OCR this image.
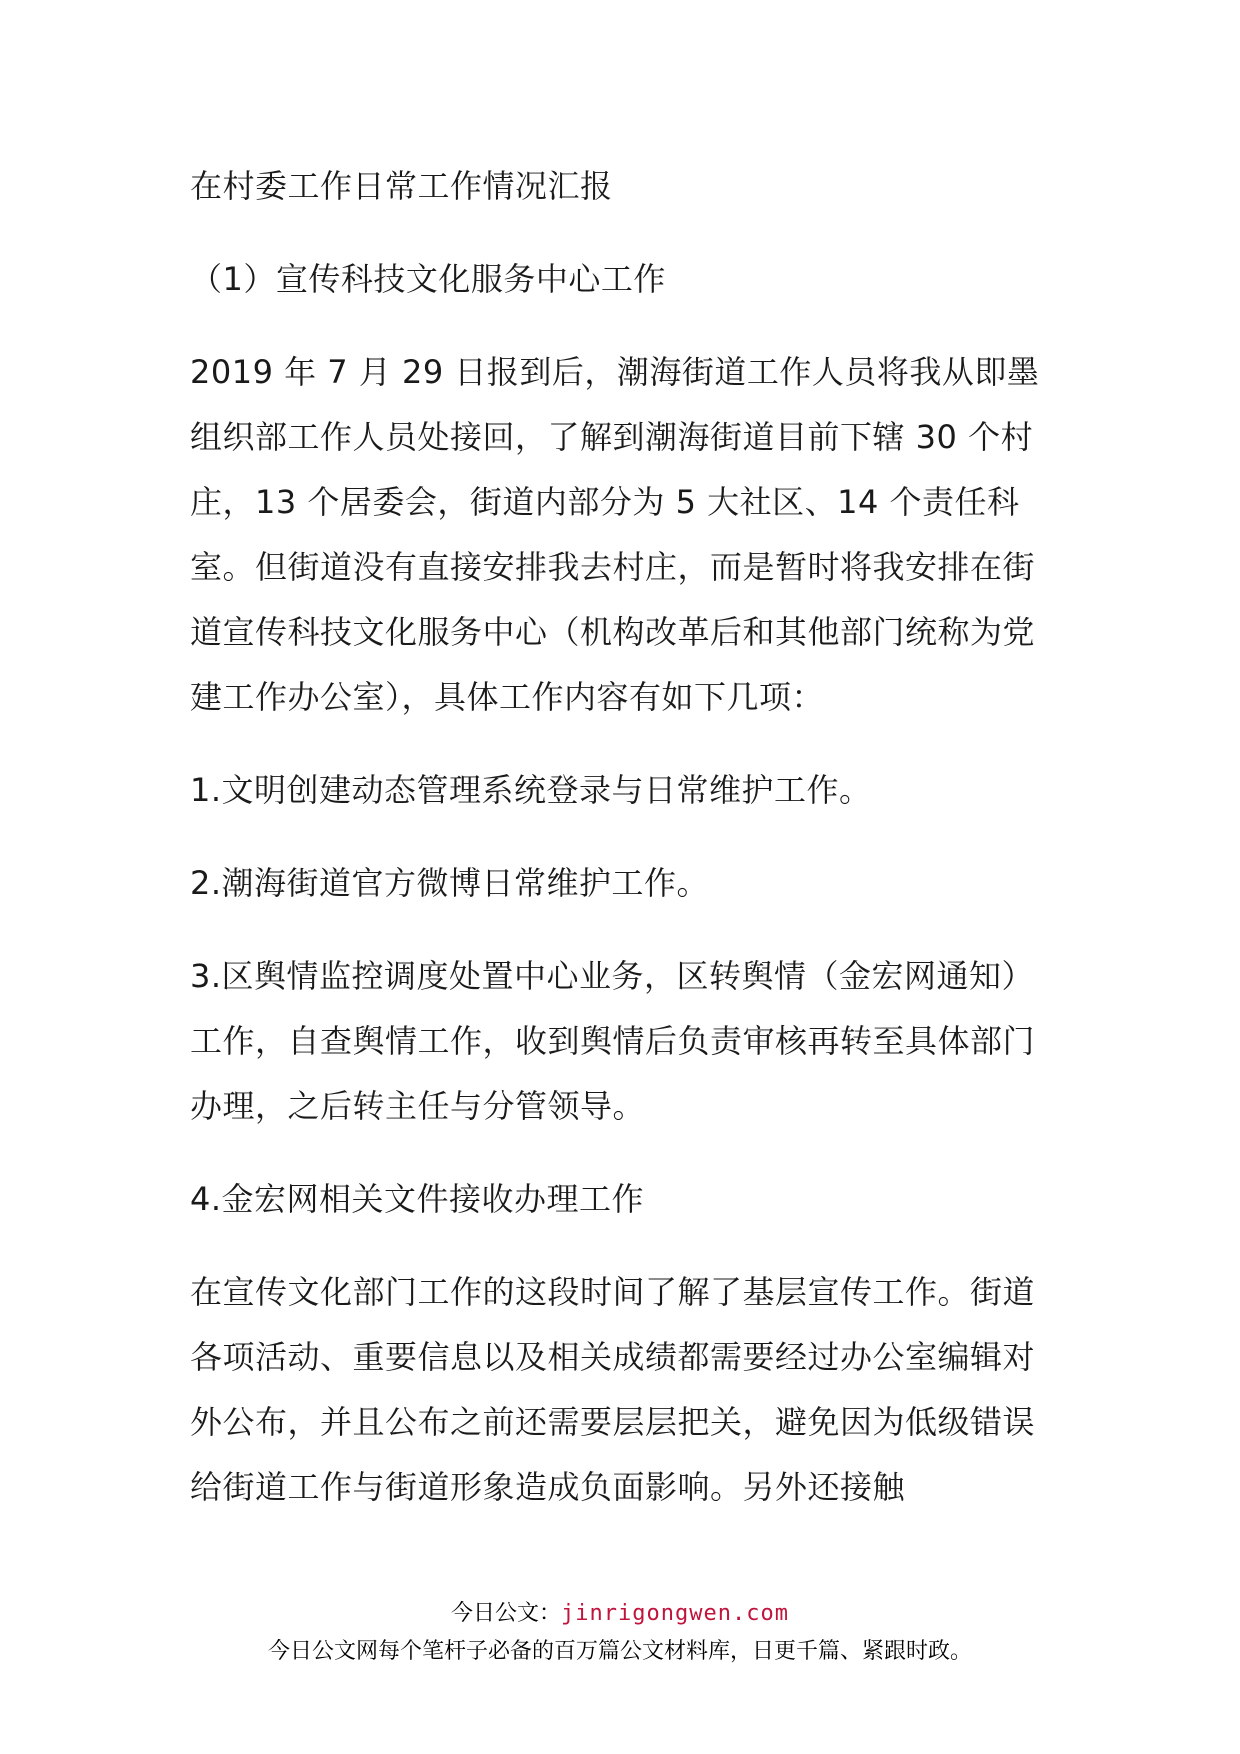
在村委工作日常工作情况汇报

（1）宣传科技文化服务中心工作

2019 年 7 月 29 日报到后，潮海街道工作人员将我从即墨组织部工作人员处接回，了解到潮海街道目前下辖 30 个村庄，13 个居委会，街道内部分为 5 大社区、14 个责任科室。但街道没有直接安排我去村庄，而是暂时将我安排在街道宣传科技文化服务中心（机构改革后和其他部门统称为党建工作办公室），具体工作内容有如下几项：

1.文明创建动态管理系统登录与日常维护工作。

2.潮海街道官方微博日常维护工作。

3.区舆情监控调度处置中心业务，区转舆情（金宏网通知）工作，自查舆情工作，收到舆情后负责审核再转至具体部门办理，之后转主任与分管领导。

4.金宏网相关文件接收办理工作

在宣传文化部门工作的这段时间了解了基层宣传工作。街道各项活动、重要信息以及相关成绩都需要经过办公室编辑对外公布，并且公布之前还需要层层把关，避免因为低级错误给街道工作与街道形象造成负面影响。另外还接触

今日公文：jinrigongwen.com
今日公文网每个笔杆子必备的百万篇公文材料库，日更千篇、紧跟时政。
